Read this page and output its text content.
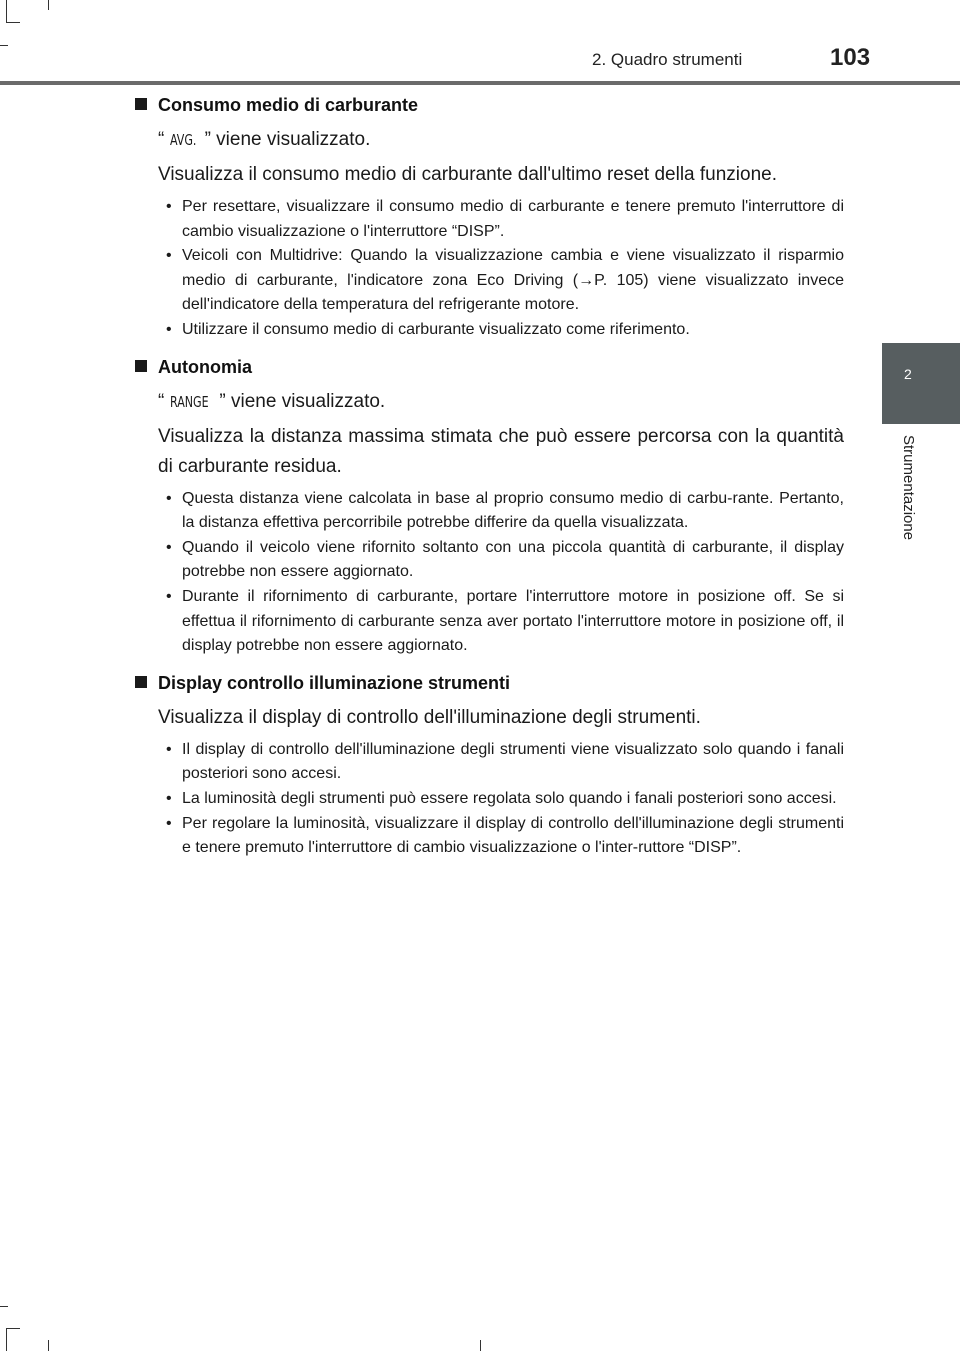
2. Quadro strumenti	103
2
Strumentazione
Consumo medio di carburante
“ AVG. ” viene visualizzato.
Visualizza il consumo medio di carburante dall'ultimo reset della funzione.
• Per resettare, visualizzare il consumo medio di carburante e tenere premuto l'interruttore di cambio visualizzazione o l'interruttore “DISP”.
• Veicoli con Multidrive: Quando la visualizzazione cambia e viene visualizzato il risparmio medio di carburante, l'indicatore zona Eco Driving (→P. 105) viene visualizzato invece dell'indicatore della temperatura del refrigerante motore.
• Utilizzare il consumo medio di carburante visualizzato come riferimento.
Autonomia
“ RANGE ” viene visualizzato.
Visualizza la distanza massima stimata che può essere percorsa con la quantità di carburante residua.
• Questa distanza viene calcolata in base al proprio consumo medio di carbu-rante. Pertanto, la distanza effettiva percorribile potrebbe differire da quella visualizzata.
• Quando il veicolo viene rifornito soltanto con una piccola quantità di carburante, il display potrebbe non essere aggiornato.
• Durante il rifornimento di carburante, portare l'interruttore motore in posizione off. Se si effettua il rifornimento di carburante senza aver portato l'interruttore motore in posizione off, il display potrebbe non essere aggiornato.
Display controllo illuminazione strumenti
Visualizza il display di controllo dell'illuminazione degli strumenti.
• Il display di controllo dell'illuminazione degli strumenti viene visualizzato solo quando i fanali posteriori sono accesi.
• La luminosità degli strumenti può essere regolata solo quando i fanali posteriori sono accesi.
• Per regolare la luminosità, visualizzare il display di controllo dell'illuminazione degli strumenti e tenere premuto l'interruttore di cambio visualizzazione o l'inter-ruttore “DISP”.
